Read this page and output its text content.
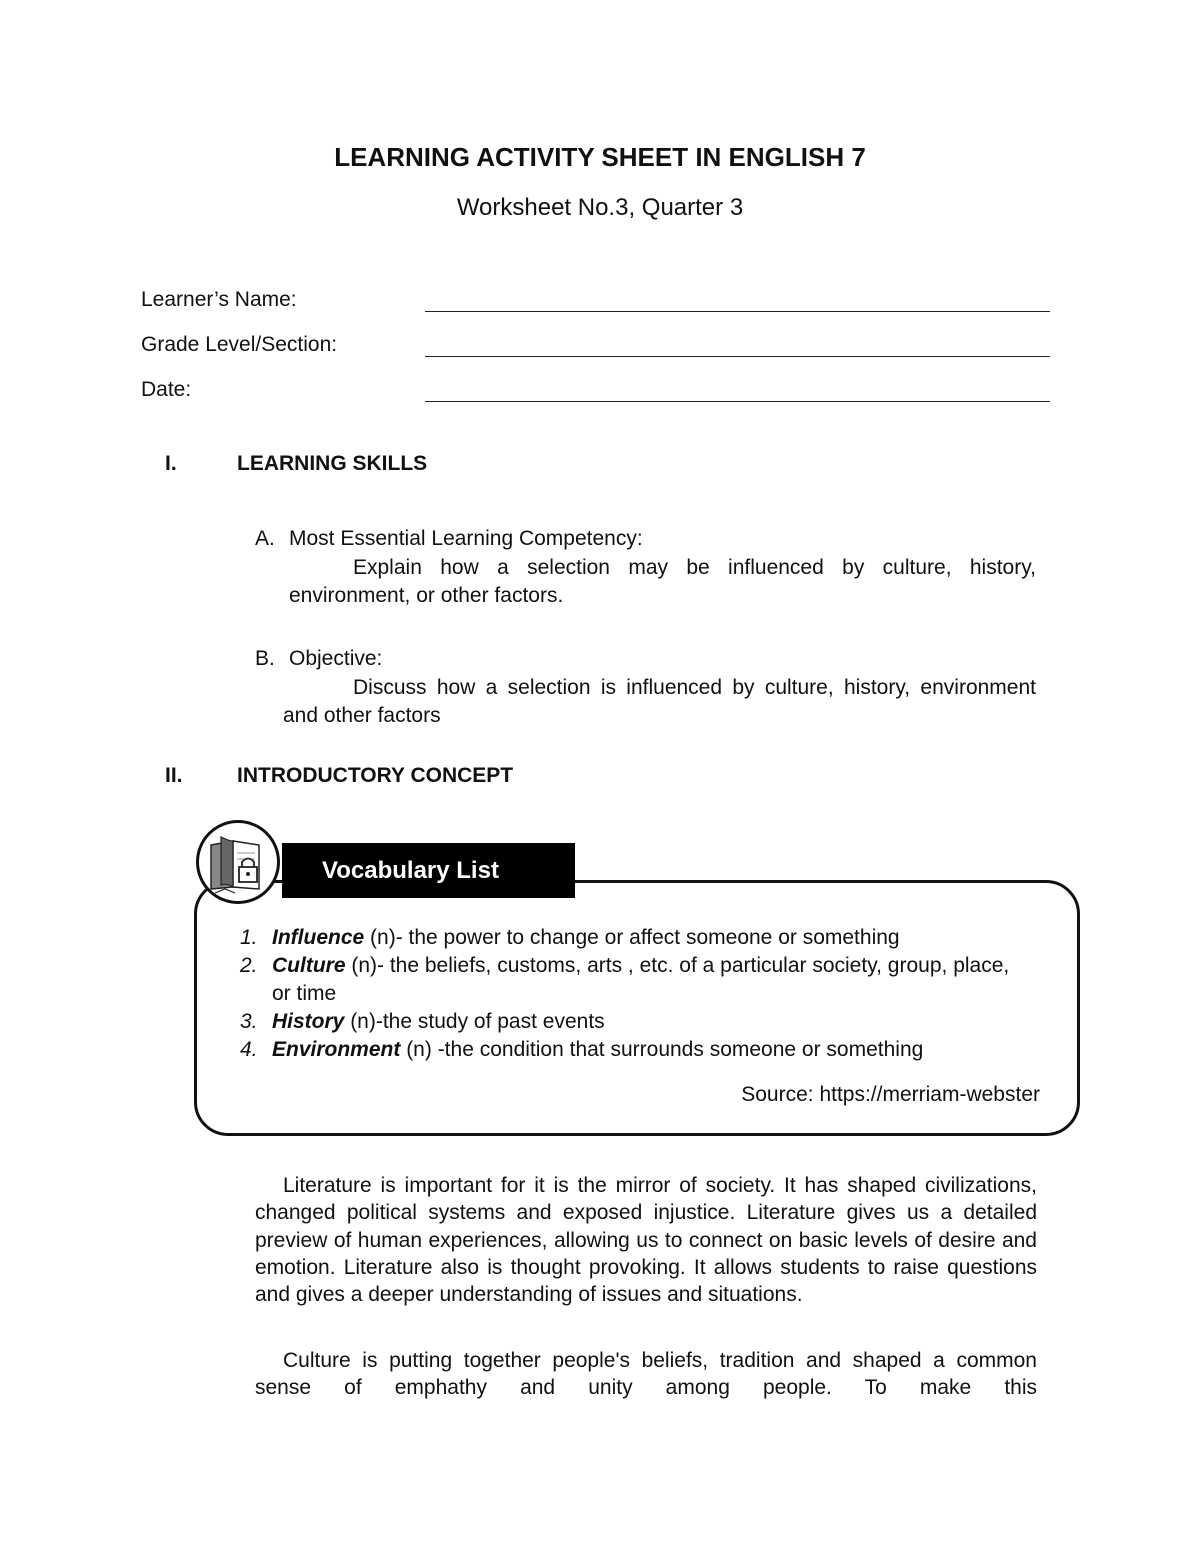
LEARNING ACTIVITY SHEET IN ENGLISH 7
Worksheet No.3, Quarter 3
Learner’s Name:
Grade Level/Section:
Date:
I.	LEARNING SKILLS
A. Most Essential Learning Competency:
Explain how a selection may be influenced by culture, history, environment, or other factors.
B. Objective:
Discuss how a selection is influenced by culture, history, environment and other factors
II.	INTRODUCTORY CONCEPT
Vocabulary List
1. Influence (n)- the power to change or affect someone or something
2. Culture (n)- the beliefs, customs, arts , etc. of a particular society, group, place, or time
3. History (n)-the study of past events
4. Environment (n) -the condition that surrounds someone or something
Source: https://merriam-webster
Literature is important for it is the mirror of society. It has shaped civilizations, changed political systems and exposed injustice. Literature gives us a detailed preview of human experiences, allowing us to connect on basic levels of desire and emotion. Literature also is thought provoking. It allows students to raise questions and gives a deeper understanding of issues and situations.
Culture is putting together people's beliefs, tradition and shaped a common sense of emphathy and unity among people. To make this
